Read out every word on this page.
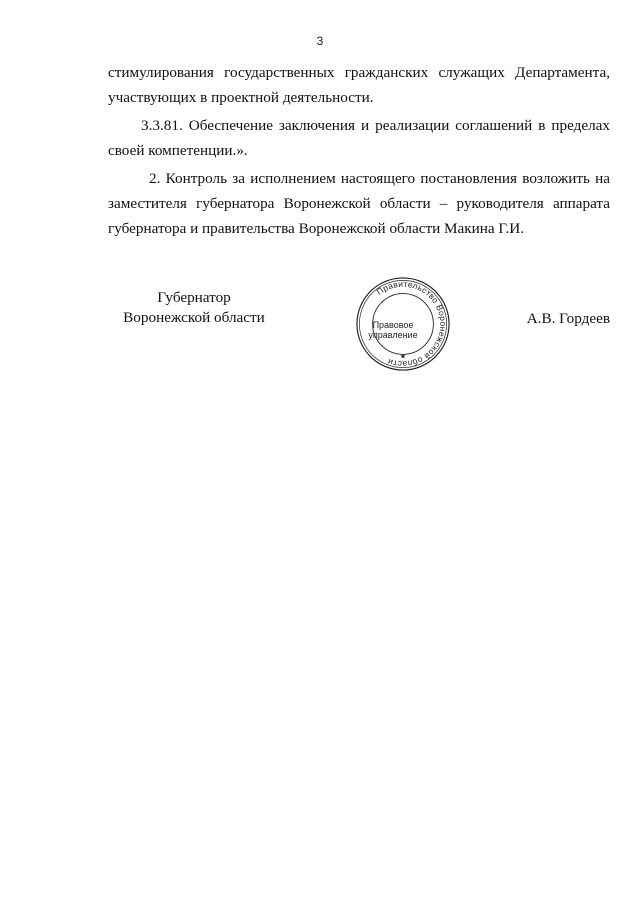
3

стимулирования государственных гражданских служащих Департамента,

участвующих в проектной деятельности.

3.3.81. Обеспечение заключения и реализации соглашений в пределах

своей компетенции.».

2. Контроль за исполнением настоящего постановления возложить на

заместителя губернатора Воронежской области – руководителя аппарата

губернатора и правительства Воронежской области Макина Г.И.

Губернатор
Воронежской области
Правительство Воронежской области ★
Правовое
управление
А.В. Гордеев
